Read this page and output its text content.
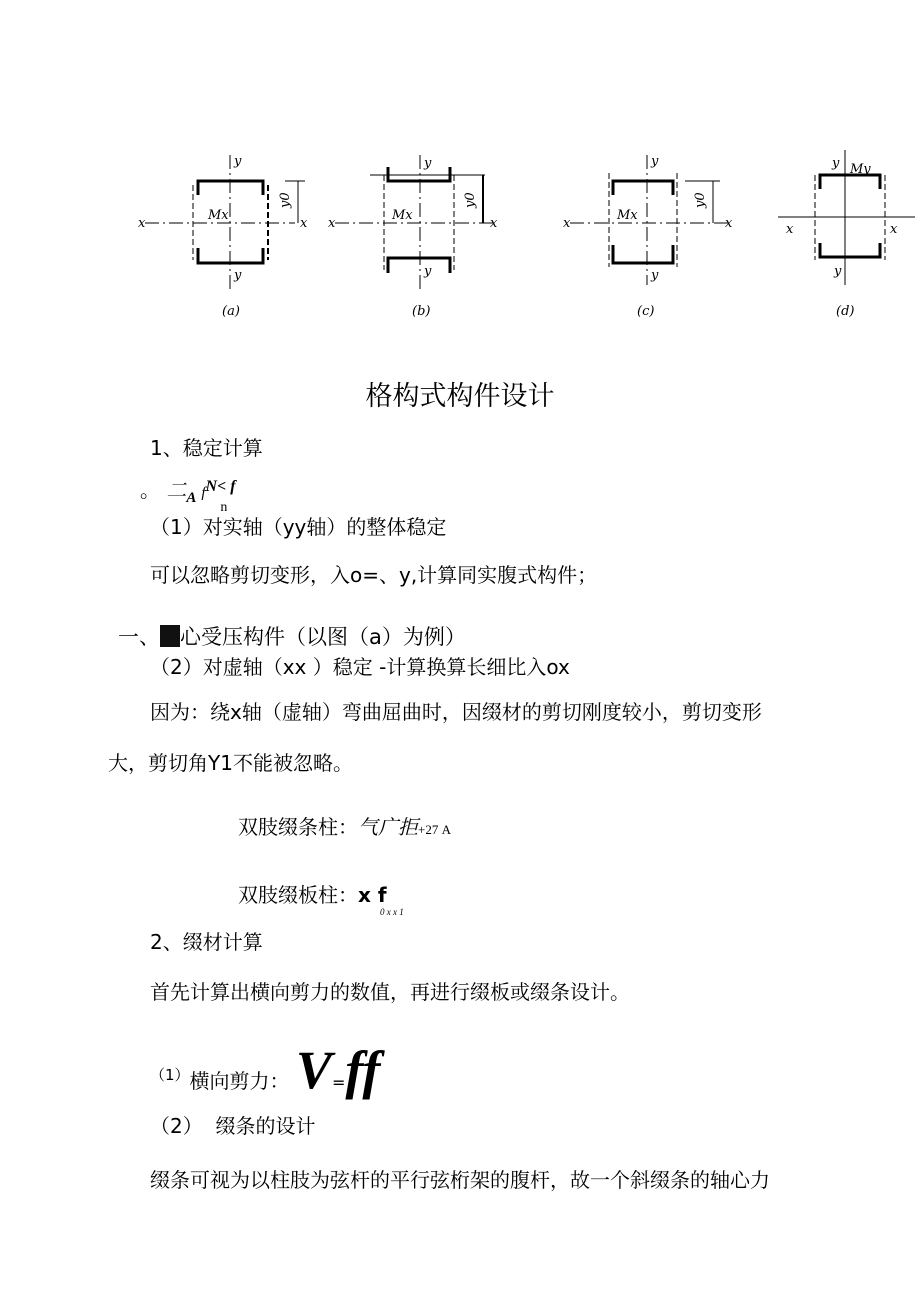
x	x
y
y
Mx
y0
(a)
x	x
y
y
Mx
y0
(b)
x	x
y
y
Mx
y0
(c)
x	x
y
y
My
(d)
格构式构件设计
1、稳定计算
。 二$_A$ $f^{N< f}$
n
（1）对实轴（yy轴）的整体稳定
可以忽略剪切变形，入o=、y,计算同实腹式构件；
一、 心受压构件（以图（a）为例）
（2）对虚轴（xx ）稳定 -计算换算长细比入ox
因为：绕x轴（虚轴）弯曲屈曲时，因缀材的剪切刚度较小，剪切变形
大，剪切角Y1不能被忽略。
双肢缀条柱：气广拒+27 A
双肢缀板柱：x f
0 x x 1
2、缀材计算
首先计算出横向剪力的数值，再进行缀板或缀条设计。
$^{(1)}$横向剪力： V=ff
（2）  缀条的设计
缀条可视为以柱肢为弦杆的平行弦桁架的腹杆，故一个斜缀条的轴心力
